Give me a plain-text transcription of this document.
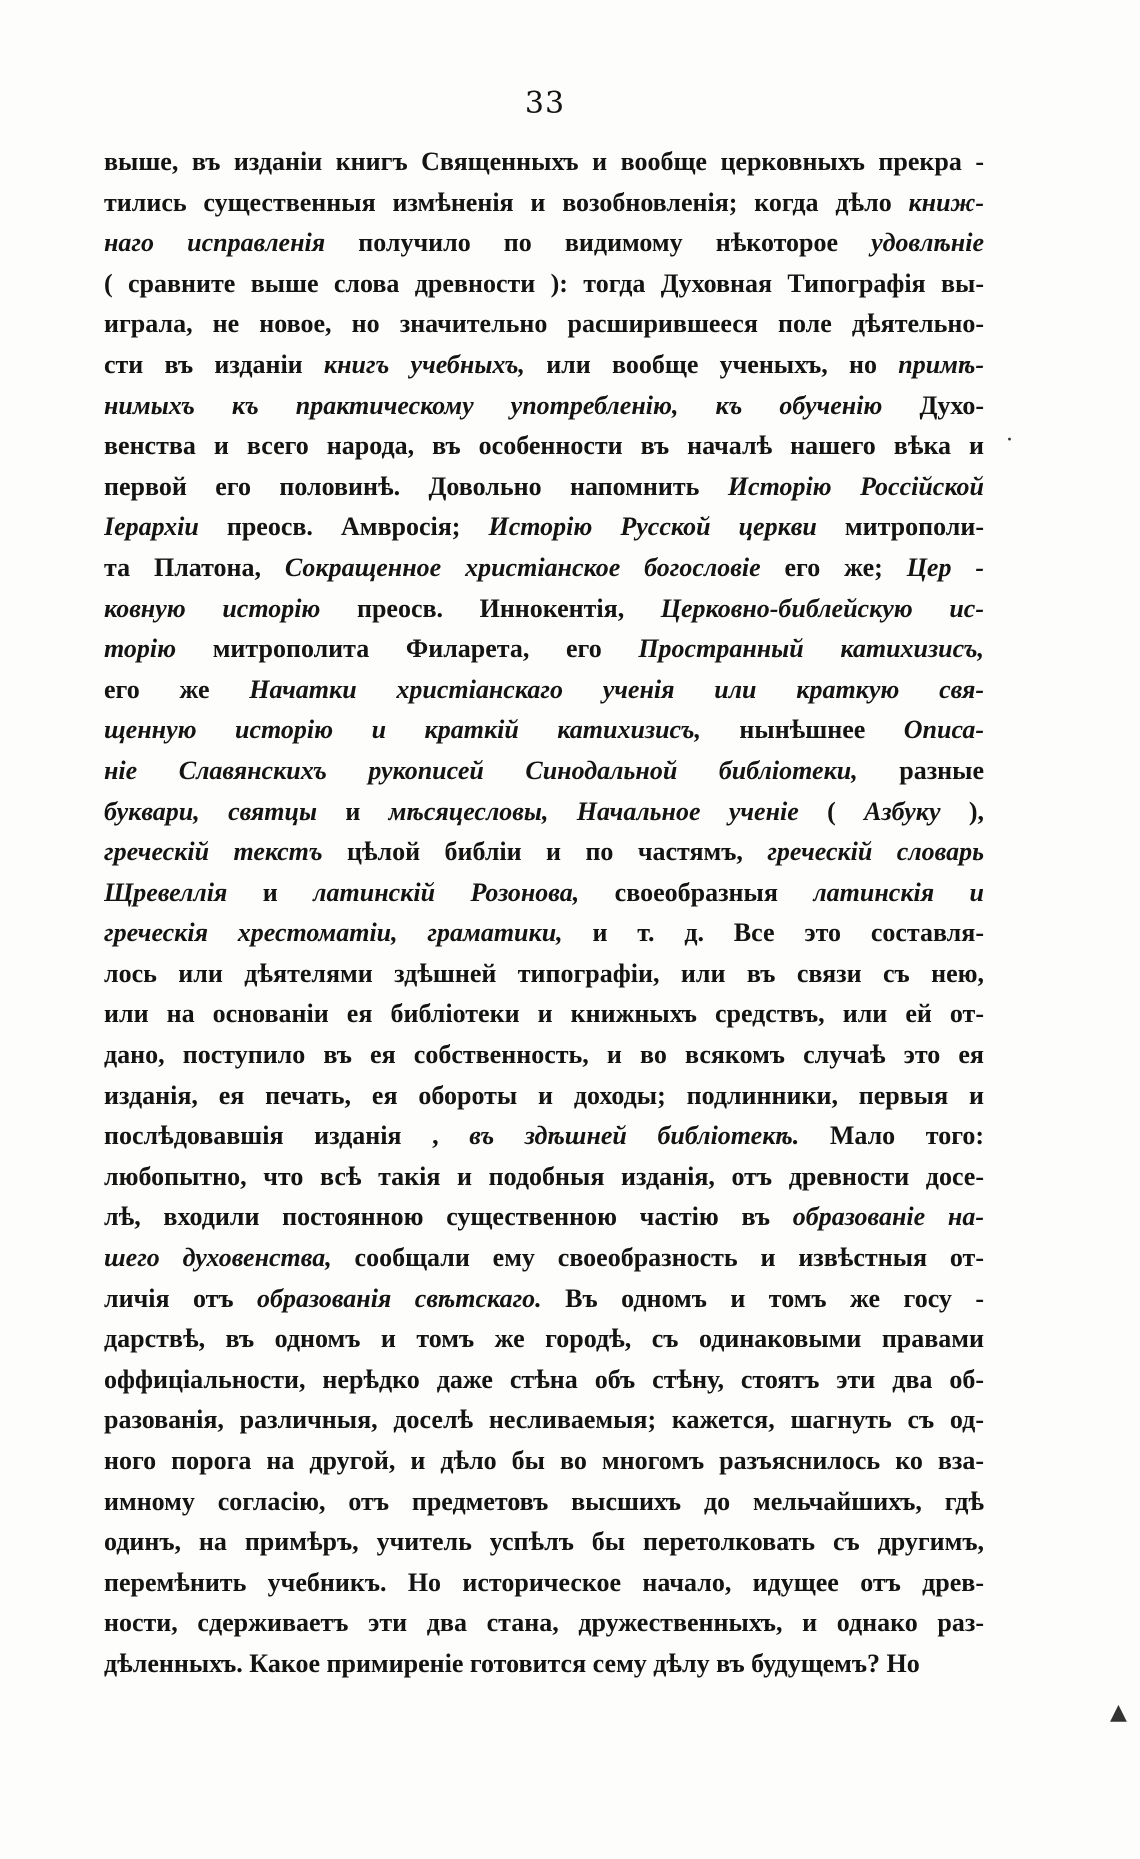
33
выше, въ изданіи книгъ Священныхъ и вообще церковныхъ прекра -
тились существенныя измѣненія и возобновленія; когда дѣло книж-
наго исправленія получило по видимому нѣкоторое удовлѣніе
( сравните выше слова древности ): тогда Духовная Типографія вы-
играла, не новое, но значительно расширившееся поле дѣятельно-
сти въ изданіи книгъ учебныхъ, или вообще ученыхъ, но примѣ-
нимыхъ къ практическому употребленію, къ обученію Духо-
венства и всего народа, въ особенности въ началѣ нашего вѣка и
первой его половинѣ. Довольно напомнить Исторію Россійской
Іерархіи преосв. Амвросія; Исторію Русской церкви митрополи-
та Платона, Сокращенное христіанское богословіе его же; Цер -
ковную исторію преосв. Иннокентія, Церковно-библейскую ис-
торію митрополита Филарета, его Пространный катихизисъ,
его же Начатки христіанскаго ученія или краткую свя-
щенную исторію и краткій катихизисъ, нынѣшнее Описа-
ніе Славянскихъ рукописей Синодальной библіотеки, разные
буквари, святцы и мѣсяцесловы, Начальное ученіе ( Азбуку ),
греческій текстъ цѣлой библіи и по частямъ, греческій словарь
Щревеллія и латинскій Розонова, своеобразныя латинскія и
греческія хрестоматіи, граматики, и т. д. Все это составля-
лось или дѣятелями здѣшней типографіи, или въ связи съ нею,
или на основаніи ея библіотеки и книжныхъ средствъ, или ей от-
дано, поступило въ ея собственность, и во всякомъ случаѣ это ея
изданія, ея печать, ея обороты и доходы; подлинники, первыя и
послѣдовавшія изданія , въ здѣшней библіотекѣ. Мало того:
любопытно, что всѣ такія и подобныя изданія, отъ древности досе-
лѣ, входили постоянною существенною частію въ образованіе на-
шего духовенства, сообщали ему своеобразность и извѣстныя от-
личія отъ образованія свѣтскаго. Въ одномъ и томъ же госу -
дарствѣ, въ одномъ и томъ же городѣ, съ одинаковыми правами
оффиціальности, нерѣдко даже стѣна объ стѣну, стоятъ эти два об-
разованія, различныя, доселѣ несливаемыя; кажется, шагнуть съ од-
ного порога на другой, и дѣло бы во многомъ разъяснилось ко вза-
имному согласію, отъ предметовъ высшихъ до мельчайшихъ, гдѣ
одинъ, на примѣръ, учитель успѣлъ бы перетолковать съ другимъ,
перемѣнить учебникъ. Но историческое начало, идущее отъ древ-
ности, сдерживаетъ эти два стана, дружественныхъ, и однако раз-
дѣленныхъ. Какое примиреніе готовится сему дѣлу въ будущемъ? Но
·
▲
